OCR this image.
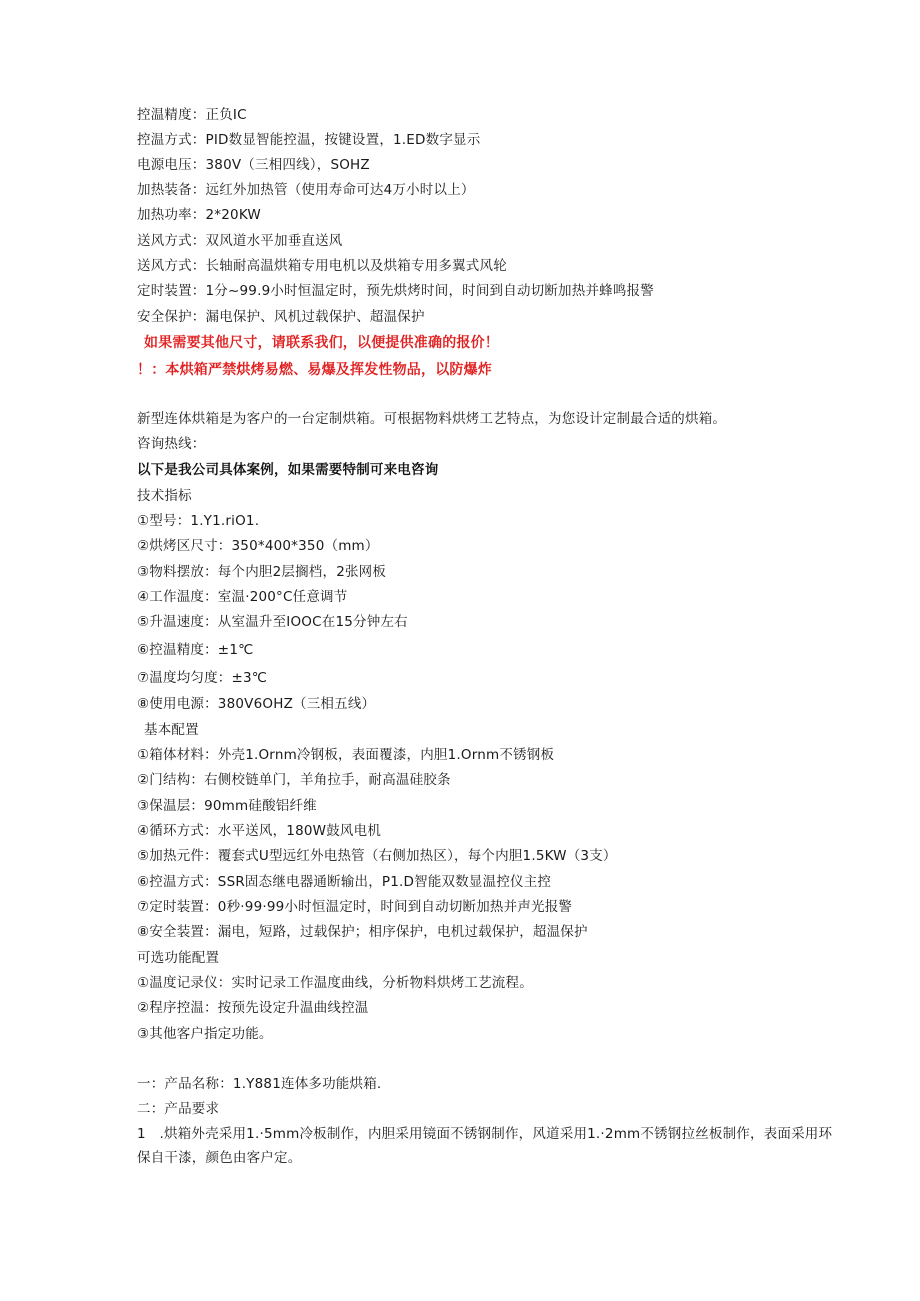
控温精度：正负IC
控温方式：PID数显智能控温，按键设置，1.ED数字显示
电源电压：380V（三相四线），SOHZ
加热装备：远红外加热管（使用寿命可达4万小时以上）
加热功率：2*20KW
送风方式：双风道水平加垂直送风
送风方式：长轴耐高温烘箱专用电机以及烘箱专用多翼式风轮
定时装置：1分~99.9小时恒温定时，预先烘烤时间，时间到自动切断加热并蜂鸣报警
安全保护：漏电保护、风机过载保护、超温保护
如果需要其他尺寸，请联系我们，以便提供准确的报价！
！：本烘箱严禁烘烤易燃、易爆及挥发性物品，以防爆炸
新型连体烘箱是为客户的一台定制烘箱。可根据物料烘烤工艺特点，为您设计定制最合适的烘箱。
咨询热线：
以下是我公司具体案例，如果需要特制可来电咨询
技术指标
①型号：1.Y1.riO1.
②烘烤区尺寸：350*400*350（mm）
③物料摆放：每个内胆2层搁档，2张网板
④工作温度：室温·200°C任意调节
⑤升温速度：从室温升至IOOC在15分钟左右
⑥控温精度：±1℃
⑦温度均匀度：±3℃
⑧使用电源：380V6OHZ（三相五线）
基本配置
①箱体材料：外壳1.Ornm冷钢板，表面覆漆，内胆1.Ornm不锈钢板
②门结构：右侧校链单门，羊角拉手，耐高温硅胶条
③保温层：90mm硅酸铝纤维
④循环方式：水平送风，180W鼓风电机
⑤加热元件：覆套式U型远红外电热管（右侧加热区），每个内胆1.5KW（3支）
⑥控温方式：SSR固态继电器通断输出，P1.D智能双数显温控仪主控
⑦定时装置：0秒·99·99小时恒温定时，时间到自动切断加热并声光报警
⑧安全装置：漏电，短路，过载保护；相序保护，电机过载保护，超温保护
可选功能配置
①温度记录仪：实时记录工作温度曲线，分析物料烘烤工艺流程。
②程序控温：按预先设定升温曲线控温
③其他客户指定功能。
一：产品名称：1.Y881连体多功能烘箱.
二：产品要求
1　.烘箱外壳采用1.·5mm冷板制作，内胆采用镜面不锈钢制作，风道采用1.·2mm不锈钢拉丝板制作，表面采用环保自干漆，颜色由客户定。
